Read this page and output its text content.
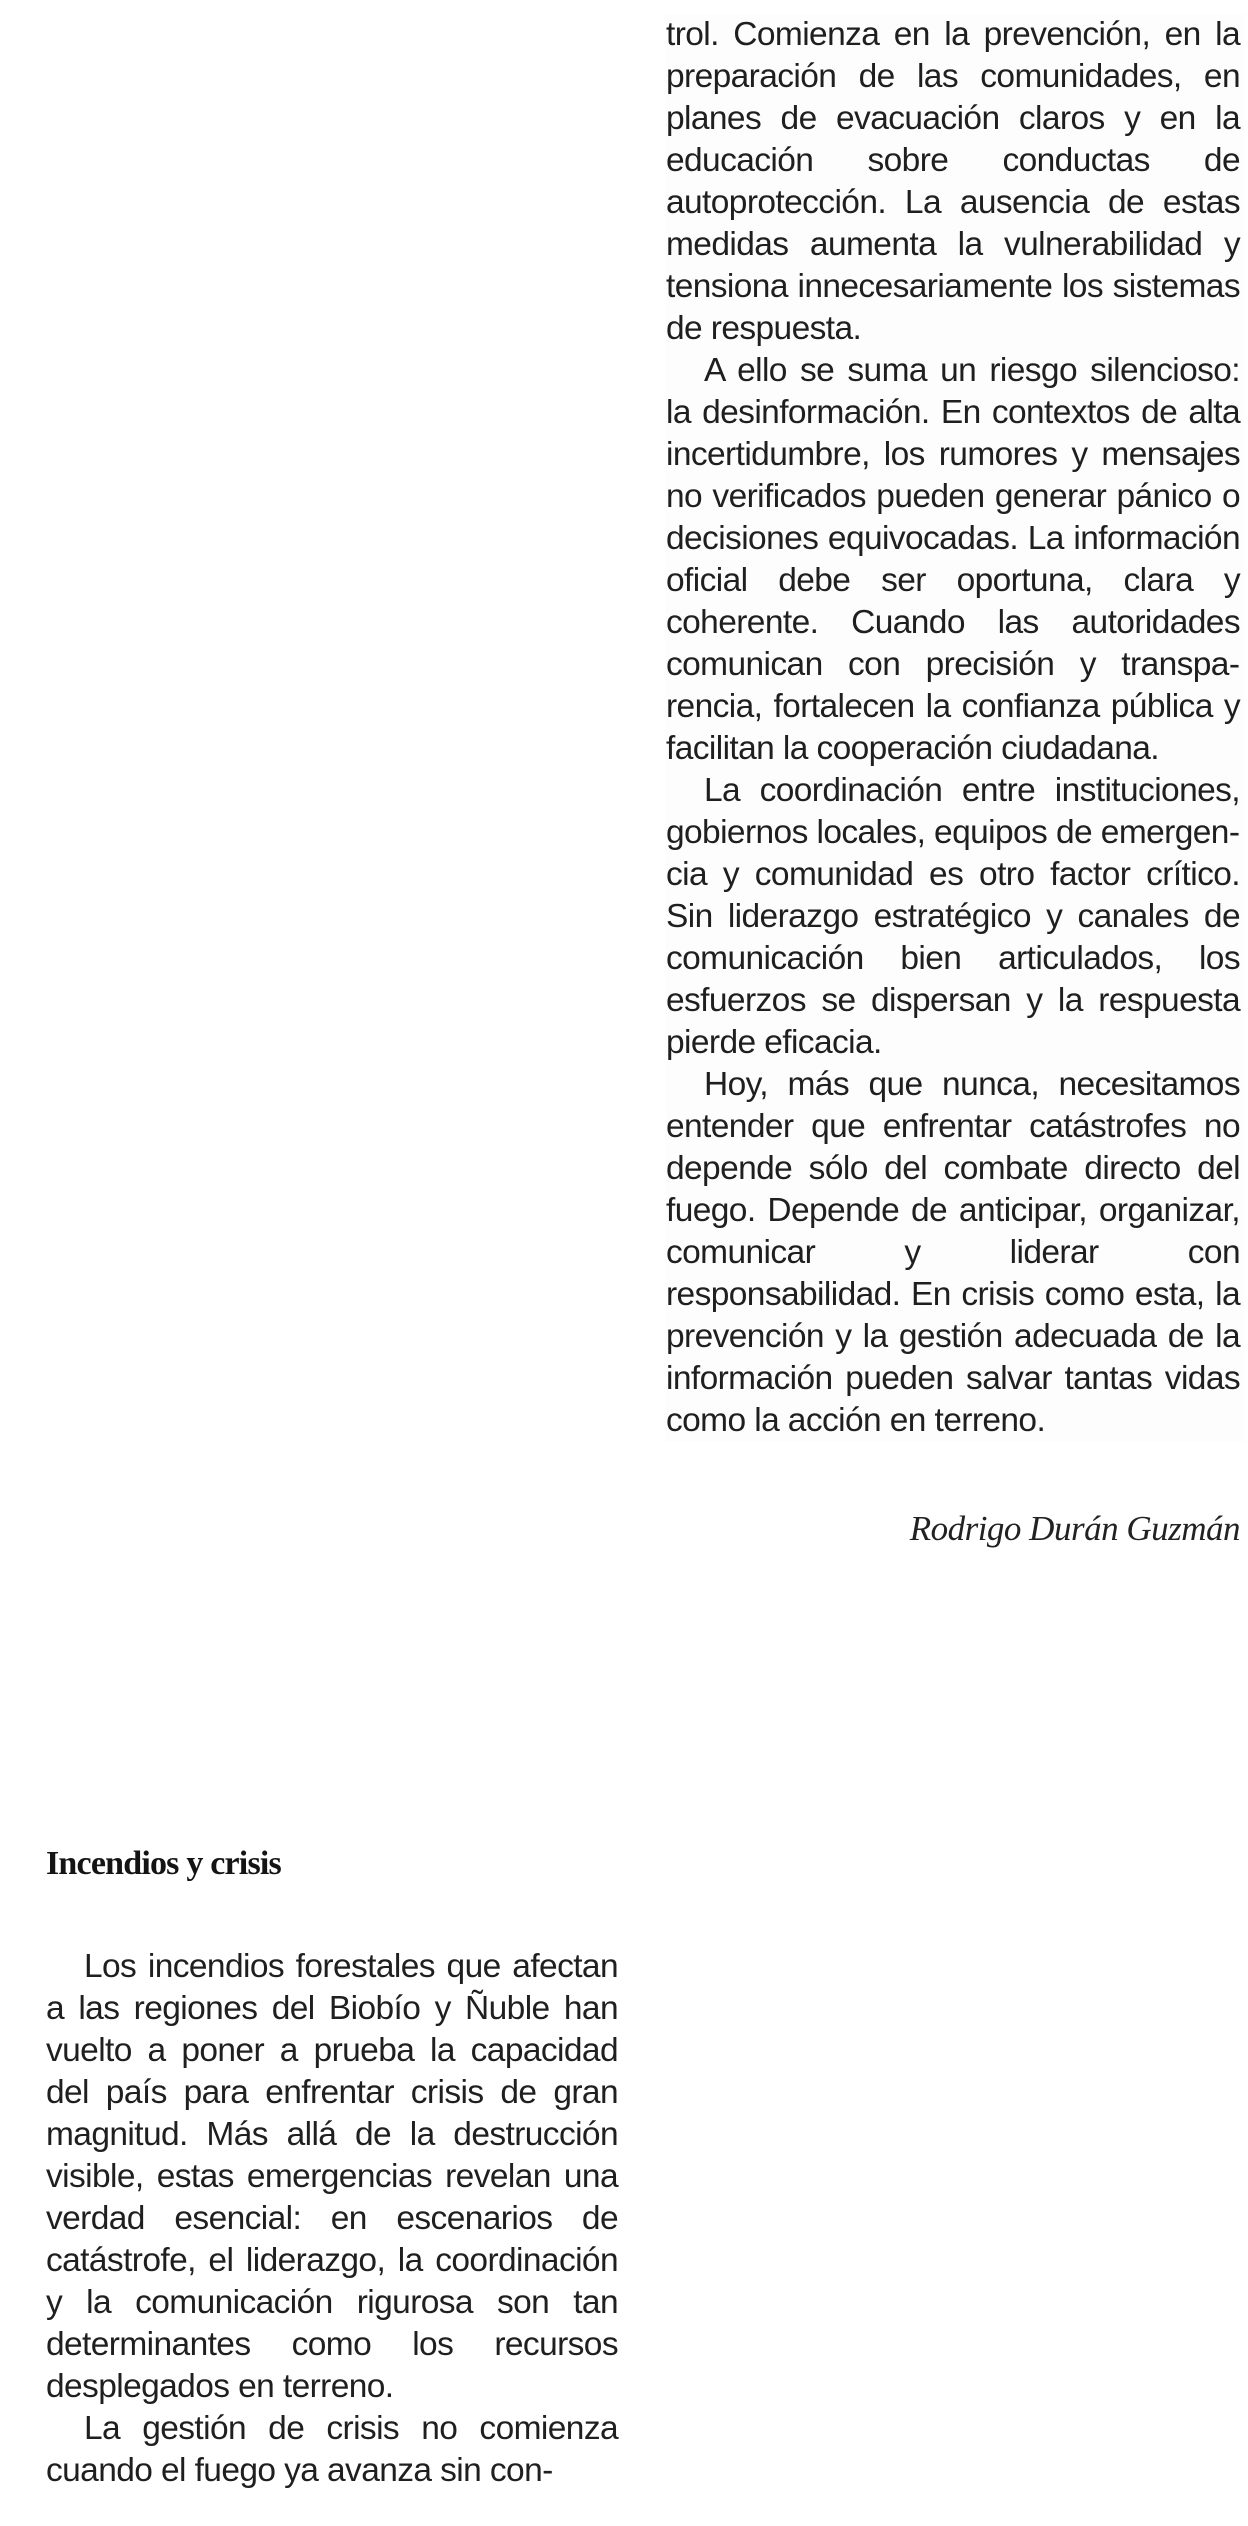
trol. Comienza en la prevención, en la preparación de las comunidades, en planes de evacuación claros y en la educación sobre conductas de autoprotección. La ausencia de estas medidas aumenta la vulnerabilidad y tensiona innecesariamente los sistemas de respuesta.

A ello se suma un riesgo silencioso: la desinformación. En contextos de alta incertidumbre, los rumores y mensajes no verificados pueden generar pánico o decisiones equivocadas. La información oficial debe ser oportuna, clara y coherente. Cuando las autoridades comunican con precisión y transparencia, fortalecen la confianza pública y facilitan la cooperación ciudadana.

La coordinación entre instituciones, gobiernos locales, equipos de emergencia y comunidad es otro factor crítico. Sin liderazgo estratégico y canales de comunicación bien articulados, los esfuerzos se dispersan y la respuesta pierde eficacia.

Hoy, más que nunca, necesitamos entender que enfrentar catástrofes no depende sólo del combate directo del fuego. Depende de anticipar, organizar, comunicar y liderar con responsabilidad. En crisis como esta, la prevención y la gestión adecuada de la información pueden salvar tantas vidas como la acción en terreno.

Rodrigo Durán Guzmán
Incendios y crisis

Los incendios forestales que afectan a las regiones del Biobío y Ñuble han vuelto a poner a prueba la capacidad del país para enfrentar crisis de gran magnitud. Más allá de la destrucción visible, estas emergencias revelan una verdad esencial: en escenarios de catástrofe, el liderazgo, la coordinación y la comunicación rigurosa son tan determinantes como los recursos desplegados en terreno.

La gestión de crisis no comienza cuando el fuego ya avanza sin con-
